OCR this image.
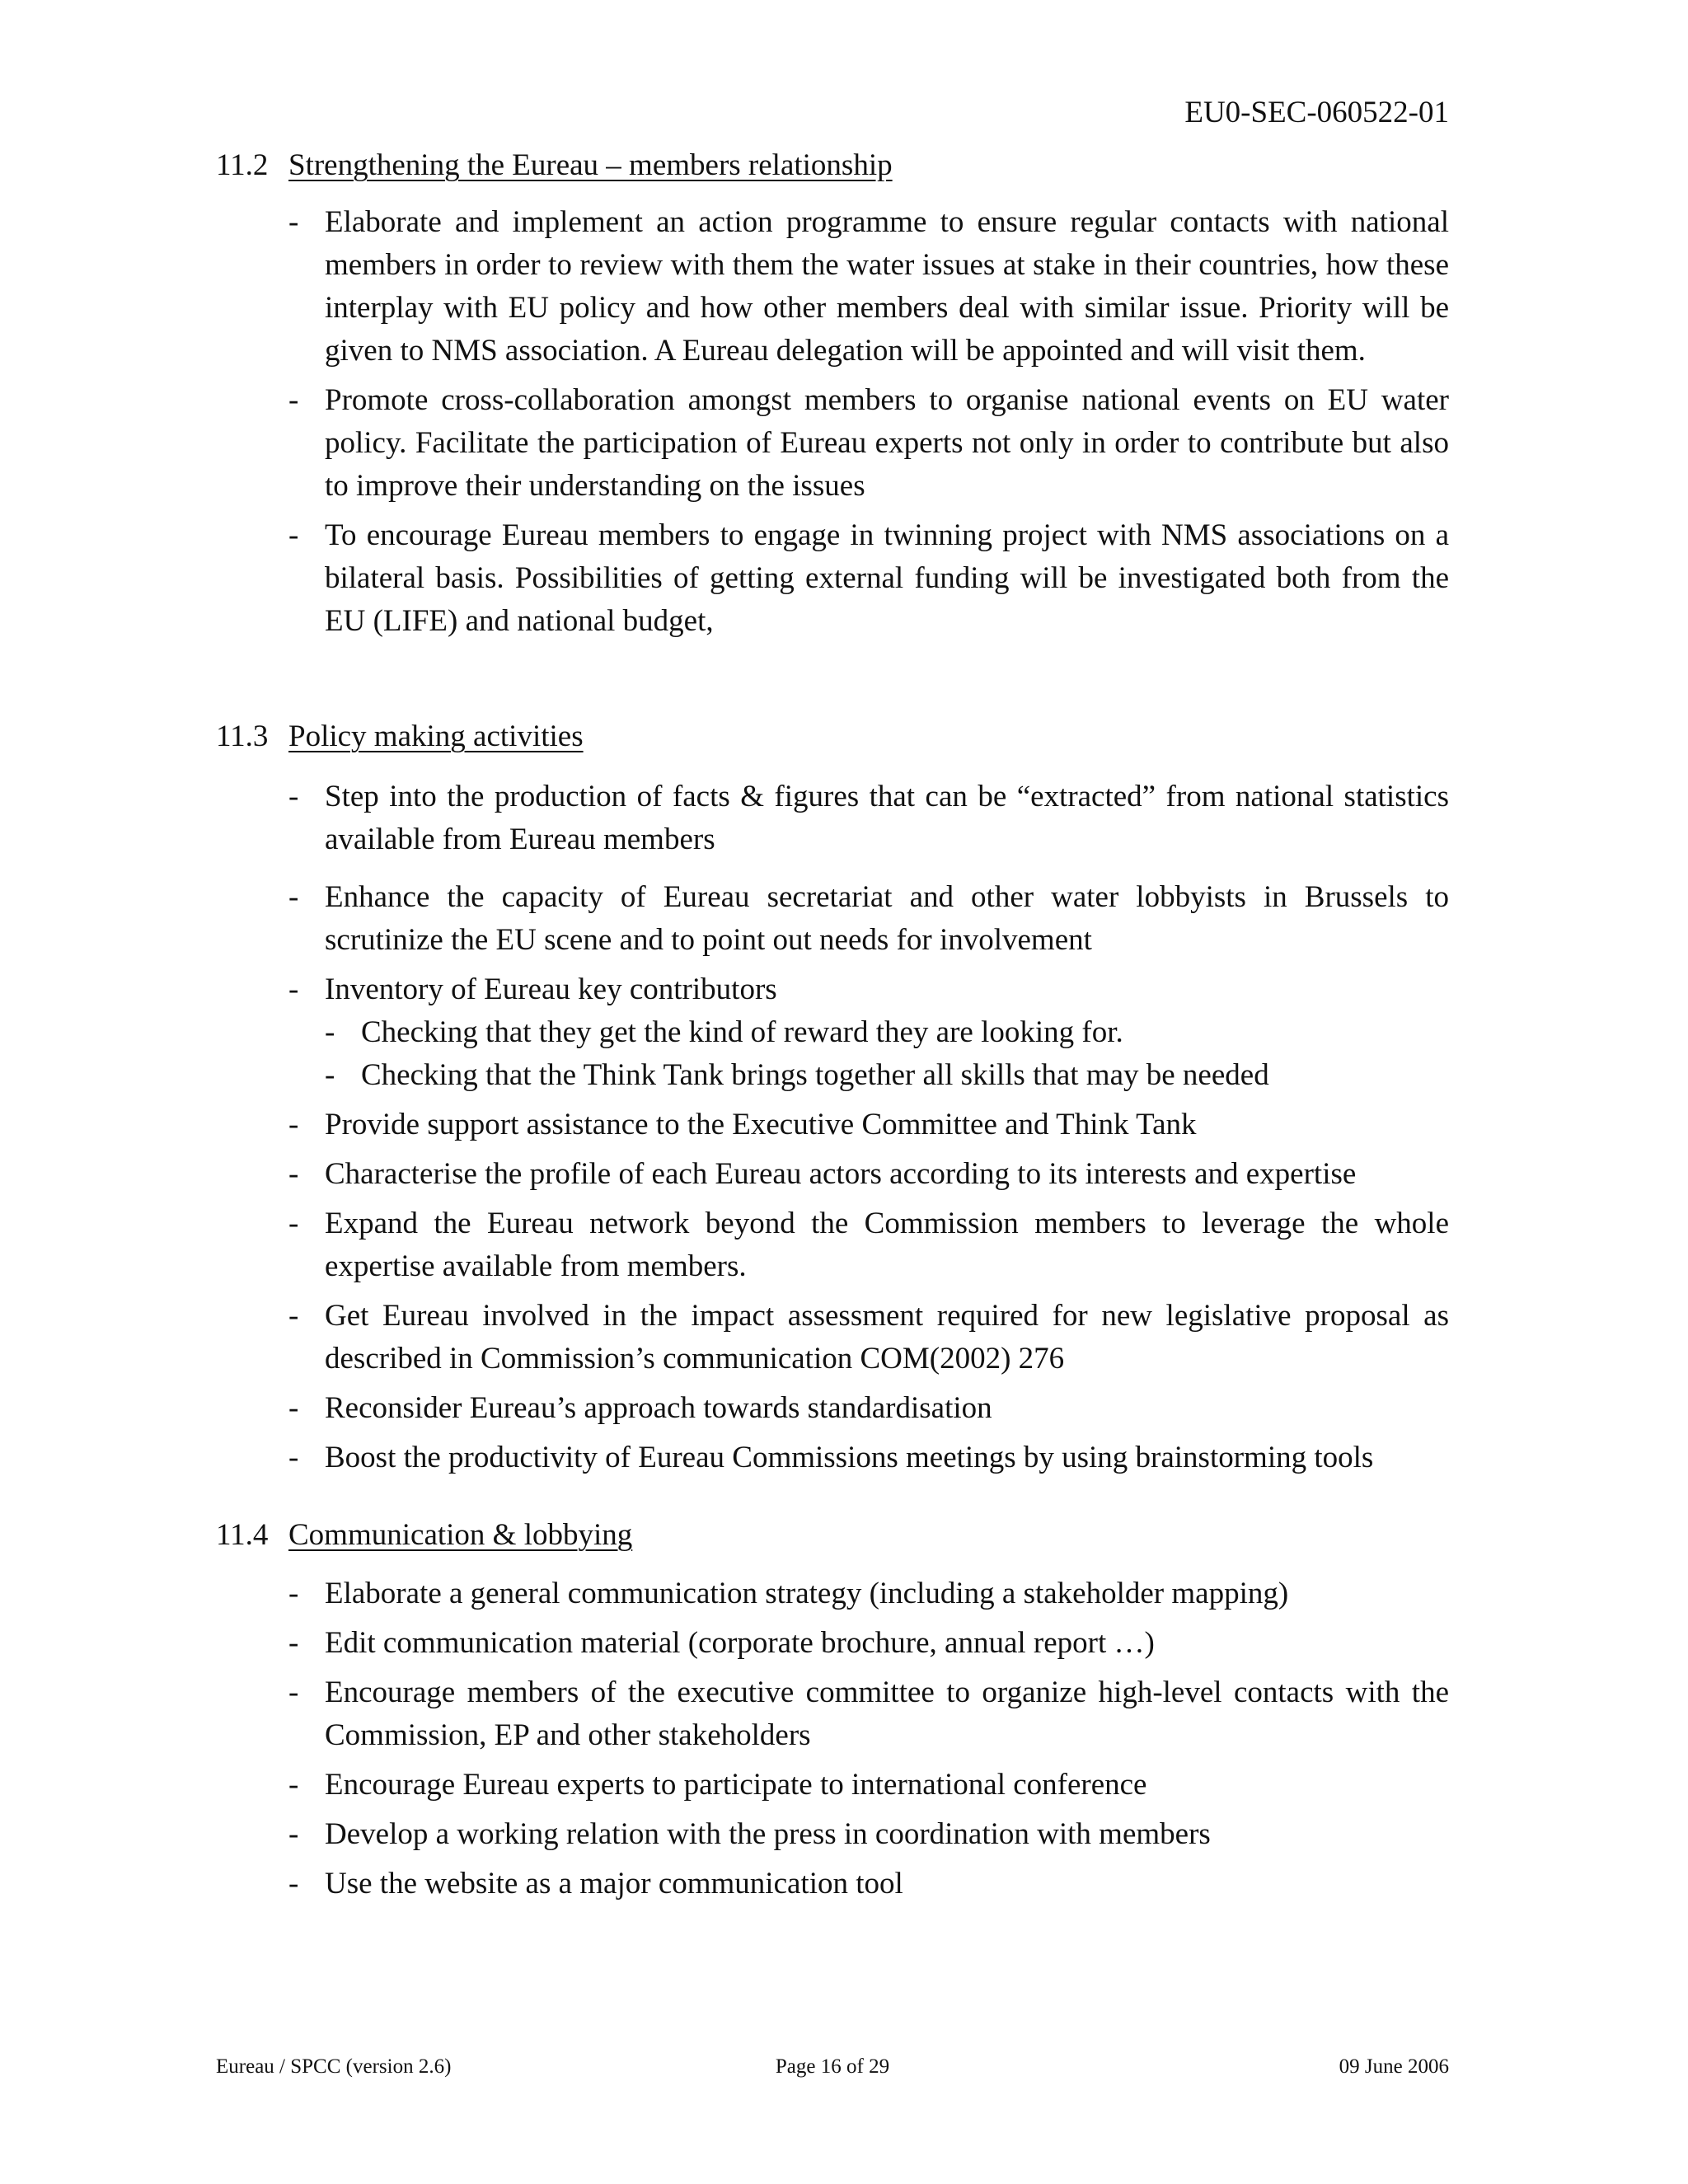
EU0-SEC-060522-01
11.2 Strengthening the Eureau – members relationship
- Elaborate and implement an action programme to ensure regular contacts with national members in order to review with them the water issues at stake in their countries, how these interplay with EU policy and how other members deal with similar issue. Priority will be given to NMS association. A Eureau delegation will be appointed and will visit them.
- Promote cross-collaboration amongst members to organise national events on EU water policy. Facilitate the participation of Eureau experts not only in order to contribute but also to improve their understanding on the issues
- To encourage Eureau members to engage in twinning project with NMS associations on a bilateral basis. Possibilities of getting external funding will be investigated both from the EU (LIFE) and national budget,
11.3 Policy making activities
- Step into the production of facts & figures that can be “extracted” from national statistics available from Eureau members
- Enhance the capacity of Eureau secretariat and other water lobbyists in Brussels to scrutinize the EU scene and to point out needs for involvement
- Inventory of Eureau key contributors
- Checking that they get the kind of reward they are looking for.
- Checking that the Think Tank brings together all skills that may be needed
- Provide support assistance to the Executive Committee and Think Tank
- Characterise the profile of each Eureau actors according to its interests and expertise
- Expand the Eureau network beyond the Commission members to leverage the whole expertise available from members.
- Get Eureau involved in the impact assessment required for new legislative proposal as described in Commission’s communication COM(2002) 276
- Reconsider Eureau’s approach towards standardisation
- Boost the productivity of Eureau Commissions meetings by using brainstorming tools
11.4 Communication & lobbying
- Elaborate a general communication strategy (including a stakeholder mapping)
- Edit communication material (corporate brochure, annual report …)
- Encourage members of the executive committee to organize high-level contacts with the Commission, EP and other stakeholders
- Encourage Eureau experts to participate to international conference
- Develop a working relation with the press in coordination with members
- Use the website as a major communication tool
Eureau / SPCC (version 2.6)	Page 16 of 29	09 June 2006
